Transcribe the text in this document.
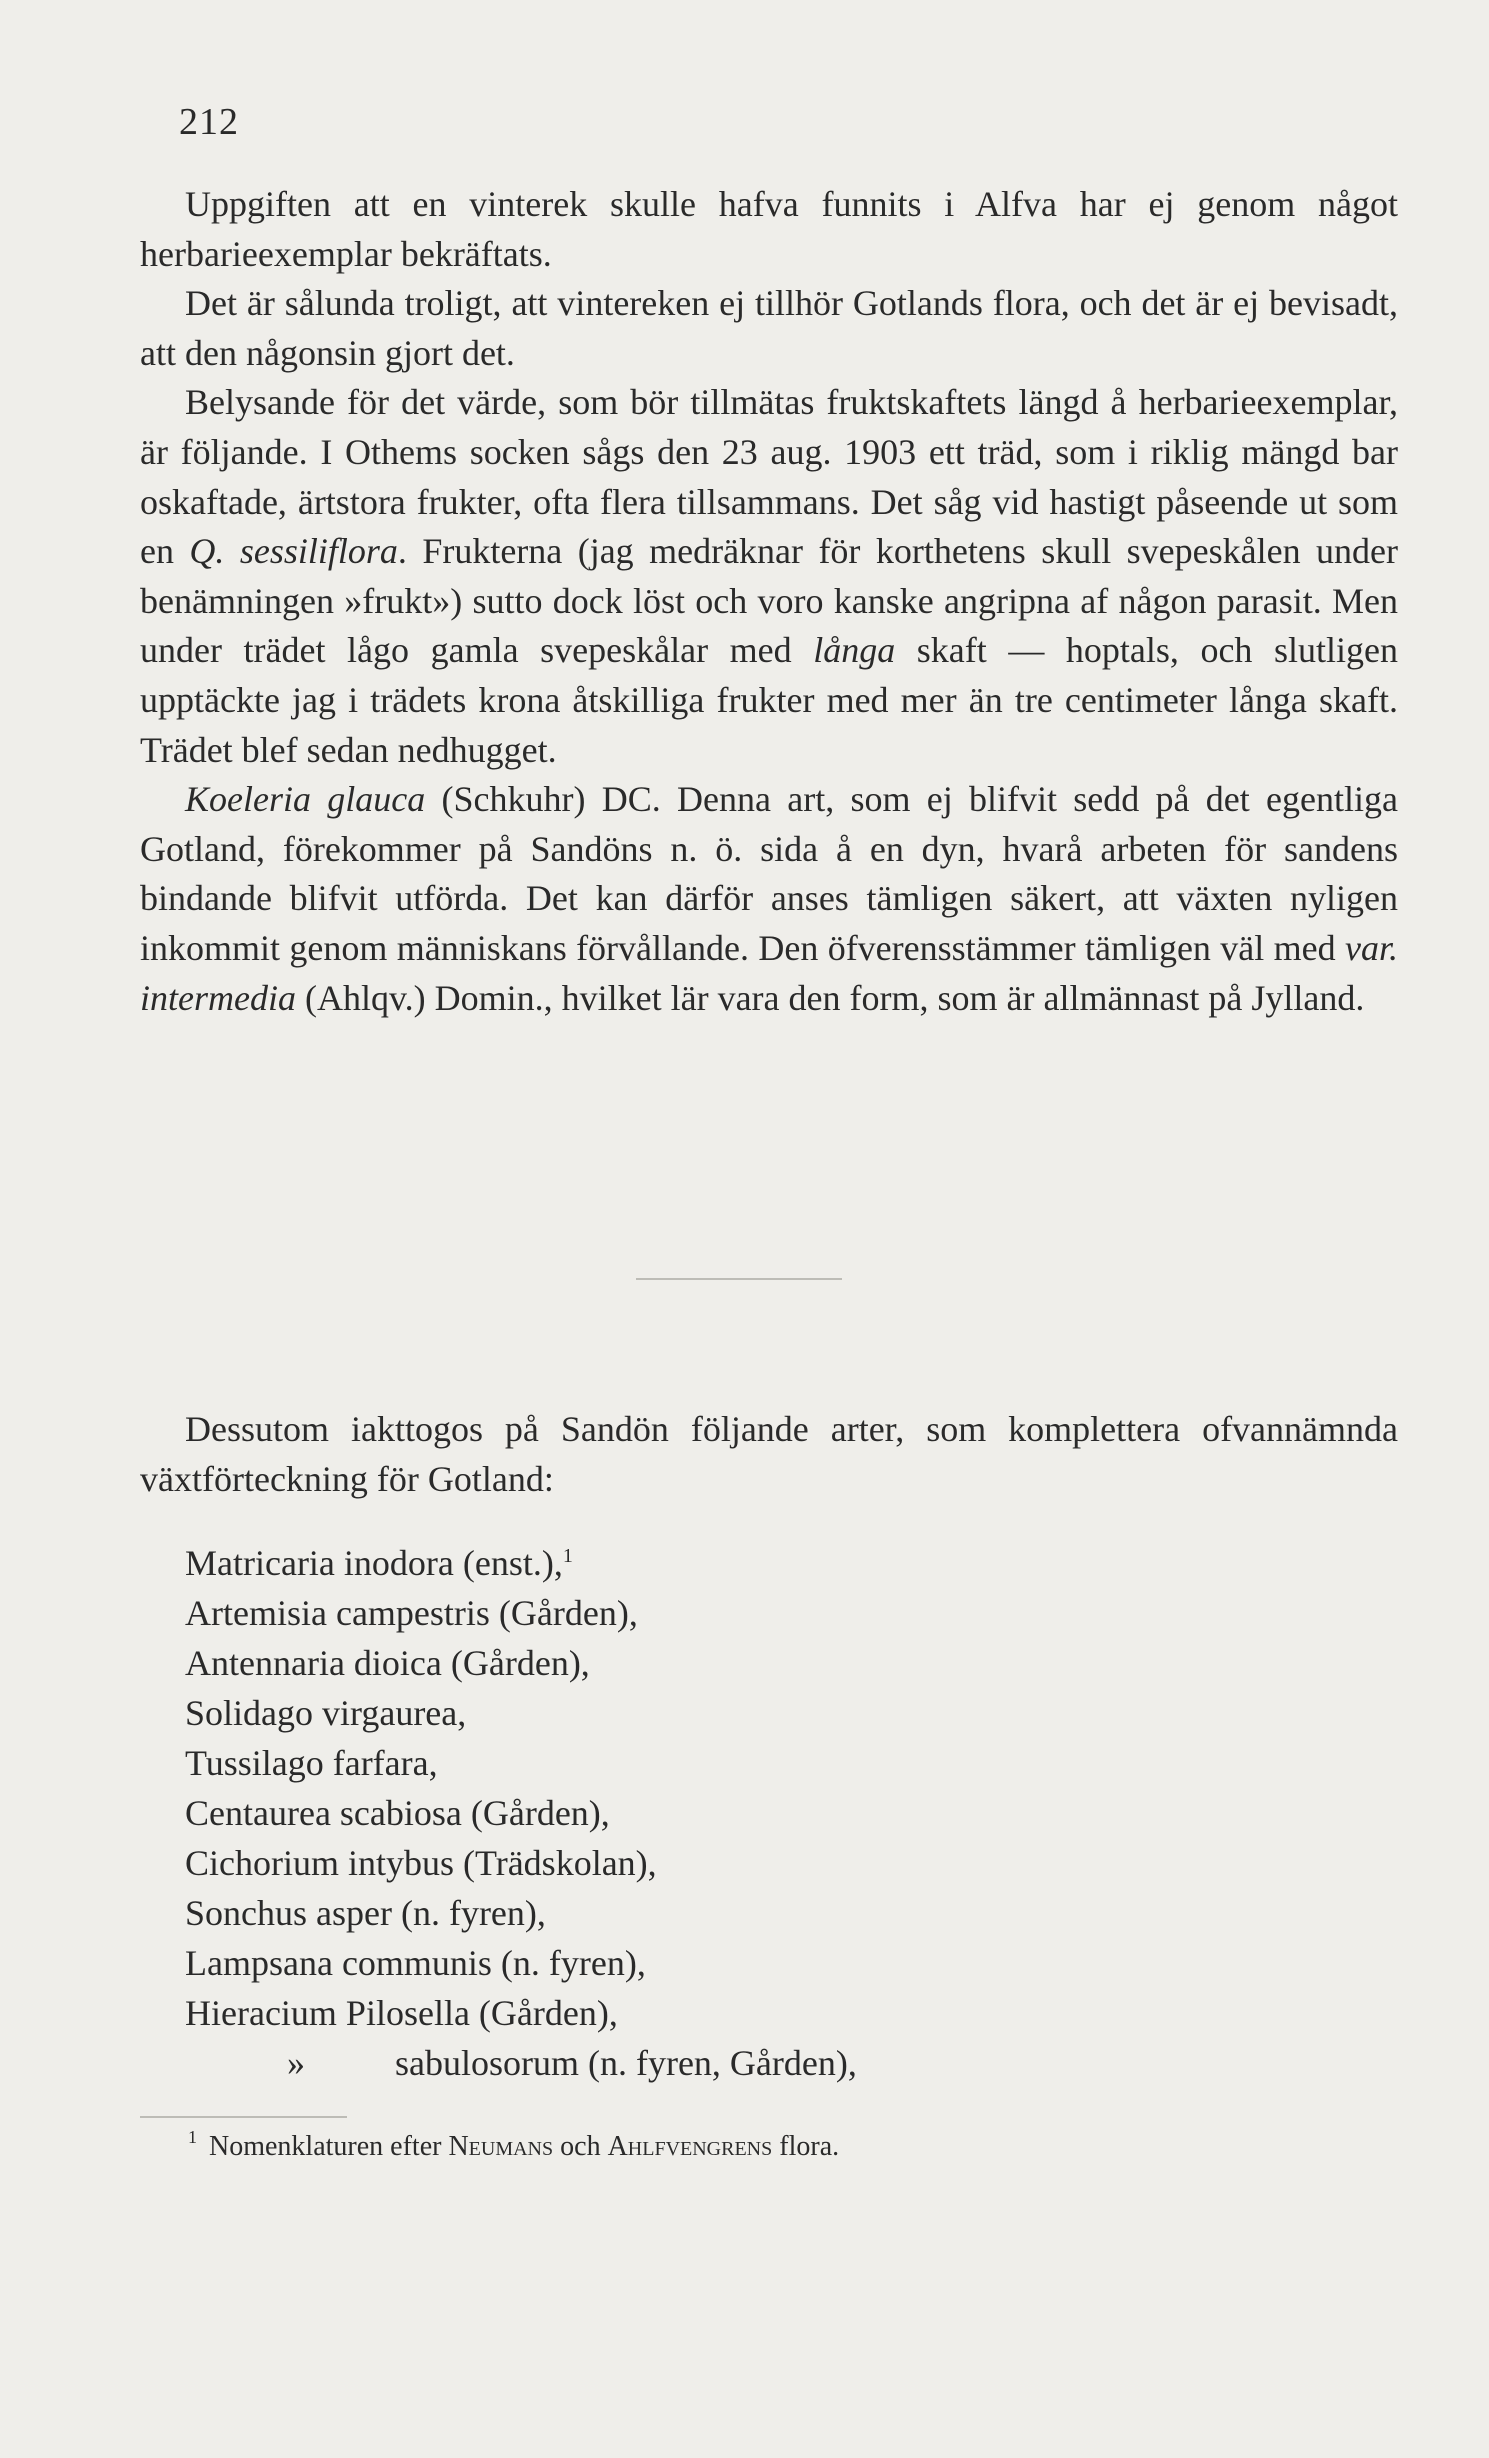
212

Uppgiften att en vinterek skulle hafva funnits i Alfva har ej genom något herbarieexemplar bekräftats.

Det är sålunda troligt, att vintereken ej tillhör Gotlands flora, och det är ej bevisadt, att den någonsin gjort det.

Belysande för det värde, som bör tillmätas fruktskaftets längd å herbarieexemplar, är följande. I Othems socken sågs den 23 aug. 1903 ett träd, som i riklig mängd bar oskaftade, ärtstora frukter, ofta flera tillsammans. Det såg vid hastigt påseende ut som en Q. sessiliflora. Frukterna (jag medräknar för korthetens skull svepeskålen under benämningen »frukt») sutto dock löst och voro kanske angripna af någon parasit. Men under trädet lågo gamla svepeskålar med långa skaft — hoptals, och slutligen upptäckte jag i trädets krona åtskilliga frukter med mer än tre centimeter långa skaft. Trädet blef sedan nedhugget.

Koeleria glauca (Schkuhr) DC. Denna art, som ej blifvit sedd på det egentliga Gotland, förekommer på Sandöns n. ö. sida å en dyn, hvarå arbeten för sandens bindande blifvit utförda. Det kan därför anses tämligen säkert, att växten nyligen inkommit genom människans förvållande. Den öfverensstämmer tämligen väl med var. intermedia (Ahlqv.) Domin., hvilket lär vara den form, som är allmännast på Jylland.

Dessutom iakttogos på Sandön följande arter, som komplettera ofvannämnda växtförteckning för Gotland:

Matricaria inodora (enst.),$^1$
Artemisia campestris (Gården),
Antennaria dioica (Gården),
Solidago virgaurea,
Tussilago farfara,
Centaurea scabiosa (Gården),
Cichorium intybus (Trädskolan),
Sonchus asper (n. fyren),
Lampsana communis (n. fyren),
Hieracium Pilosella (Gården),
»	sabulosorum (n. fyren, Gården),
$^1$ Nomenklaturen efter Neumans och Ahlfvengrens flora.
